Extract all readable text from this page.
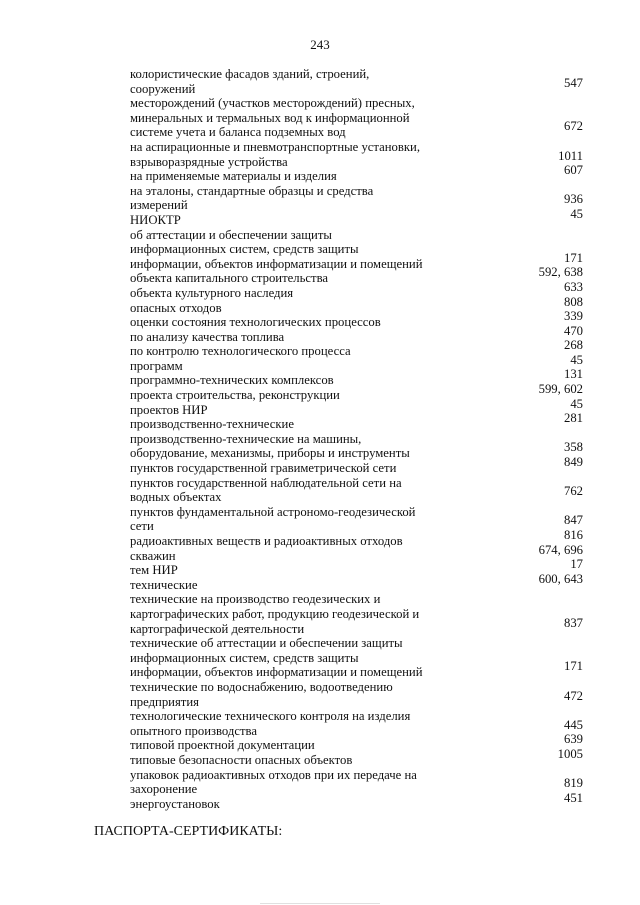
243
колористические фасадов зданий, строений,
сооружений	547
месторождений (участков месторождений) пресных,
минеральных и термальных вод к информационной
системе учета и баланса подземных вод	672
на аспирационные и пневмотранспортные установки,
взрыворазрядные устройства	1011
на применяемые материалы и изделия	607
на эталоны, стандартные образцы и средства
измерений	936
НИОКТР	45
об аттестации и обеспечении защиты
информационных систем, средств защиты
информации, объектов информатизации и помещений	171
объекта капитального строительства	592, 638
объекта культурного наследия	633
опасных отходов	808
оценки состояния технологических процессов	339
по анализу качества топлива	470
по контролю технологического процесса	268
программ	45
программно-технических комплексов	131
проекта строительства, реконструкции	599, 602
проектов НИР	45
производственно-технические	281
производственно-технические на машины,
оборудование, механизмы, приборы и инструменты	358
пунктов государственной гравиметрической сети	849
пунктов государственной наблюдательной сети на
водных объектах	762
пунктов фундаментальной астрономо-геодезической
сети	847
радиоактивных веществ и радиоактивных отходов	816
скважин	674, 696
тем НИР	17
технические	600, 643
технические на производство геодезических и
картографических работ, продукцию геодезической и
картографической деятельности	837
технические об аттестации и обеспечении защиты
информационных систем, средств защиты
информации, объектов информатизации и помещений	171
технические по водоснабжению, водоотведению
предприятия	472
технологические технического контроля на изделия
опытного производства	445
типовой проектной документации	639
типовые безопасности опасных объектов	1005
упаковок радиоактивных отходов при их передаче на
захоронение	819
энергоустановок	451
ПАСПОРТА-СЕРТИФИКАТЫ:
